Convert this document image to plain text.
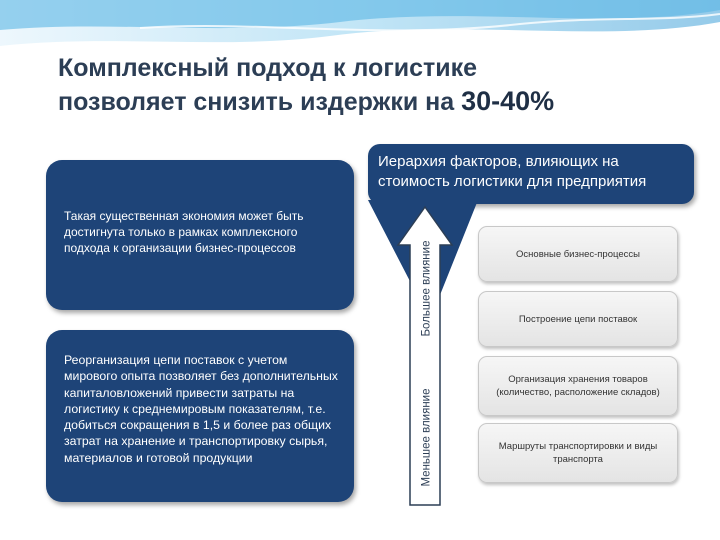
Комплексный подход к логистике
позволяет снизить издержки на 30-40%
Такая существенная экономия может быть достигнута только в рамках комплексного подхода к организации бизнес-процессов
Реорганизация цепи поставок с учетом мирового опыта позволяет без дополнительных капиталовложений привести затраты на логистику к среднемировым показателям, т.е. добиться сокращения в 1,5 и более раз общих затрат на хранение и транспортировку сырья, материалов и готовой продукции
Иерархия факторов, влияющих на стоимость логистики для предприятия
Большее влияние
Меньшее влияние
Основные бизнес-процессы
Построение цепи поставок
Организация хранения товаров (количество, расположение складов)
Маршруты транспортировки и виды транспорта
